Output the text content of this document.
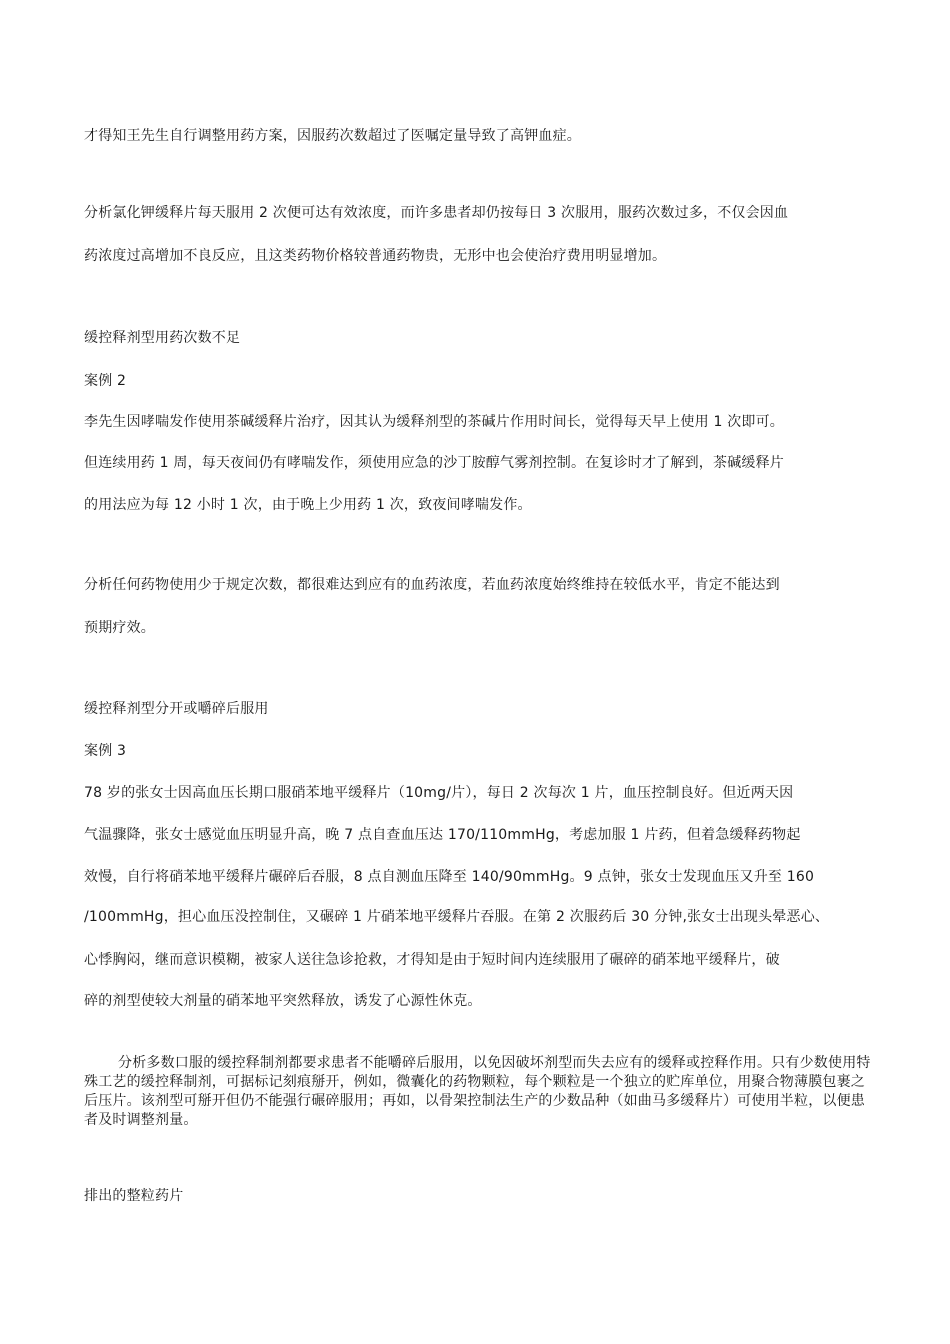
才得知王先生自行调整用药方案，因服药次数超过了医嘱定量导致了高钾血症。
分析氯化钾缓释片每天服用 2 次便可达有效浓度，而许多患者却仍按每日 3 次服用，服药次数过多，不仅会因血
药浓度过高增加不良反应，且这类药物价格较普通药物贵，无形中也会使治疗费用明显增加。
缓控释剂型用药次数不足
案例 2
李先生因哮喘发作使用茶碱缓释片治疗，因其认为缓释剂型的茶碱片作用时间长，觉得每天早上使用 1 次即可。
但连续用药 1 周，每天夜间仍有哮喘发作，须使用应急的沙丁胺醇气雾剂控制。在复诊时才了解到，茶碱缓释片
的用法应为每 12 小时 1 次，由于晚上少用药 1 次，致夜间哮喘发作。
分析任何药物使用少于规定次数，都很难达到应有的血药浓度，若血药浓度始终维持在较低水平，肯定不能达到
预期疗效。
缓控释剂型分开或嚼碎后服用
案例 3
78 岁的张女士因高血压长期口服硝苯地平缓释片（10mg/片），每日 2 次每次 1 片，血压控制良好。但近两天因
气温骤降，张女士感觉血压明显升高，晚 7 点自查血压达 170/110mmHg，考虑加服 1 片药，但着急缓释药物起
效慢，自行将硝苯地平缓释片碾碎后吞服，8 点自测血压降至 140/90mmHg。9 点钟，张女士发现血压又升至 160
/100mmHg，担心血压没控制住，又碾碎 1 片硝苯地平缓释片吞服。在第 2 次服药后 30 分钟,张女士出现头晕恶心、
心悸胸闷，继而意识模糊，被家人送往急诊抢救，才得知是由于短时间内连续服用了碾碎的硝苯地平缓释片，破
碎的剂型使较大剂量的硝苯地平突然释放，诱发了心源性休克。
分析多数口服的缓控释制剂都要求患者不能嚼碎后服用，以免因破坏剂型而失去应有的缓释或控释作用。只有少数使用特殊工艺的缓控释制剂，可据标记刻痕掰开，例如，微囊化的药物颗粒，每个颗粒是一个独立的贮库单位，用聚合物薄膜包裹之后压片。该剂型可掰开但仍不能强行碾碎服用；再如，以骨架控制法生产的少数品种（如曲马多缓释片）可使用半粒，以便患者及时调整剂量。
排出的整粒药片
